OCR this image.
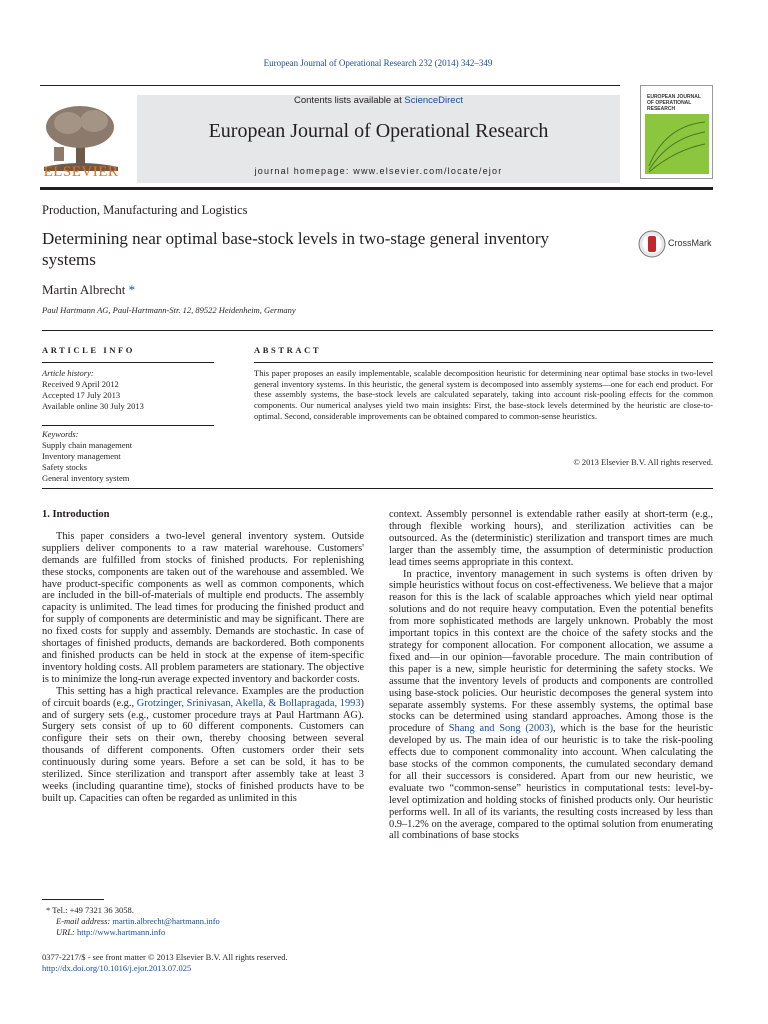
European Journal of Operational Research 232 (2014) 342–349
Contents lists available at ScienceDirect
European Journal of Operational Research
journal homepage: www.elsevier.com/locate/ejor
ELSEVIER
EUROPEAN JOURNAL OF OPERATIONAL RESEARCH
Production, Manufacturing and Logistics
Determining near optimal base-stock levels in two-stage general inventory systems
CrossMark
Martin Albrecht *
Paul Hartmann AG, Paul-Hartmann-Str. 12, 89522 Heidenheim, Germany
ARTICLE INFO
Article history:
Received 9 April 2012
Accepted 17 July 2013
Available online 30 July 2013
Keywords:
Supply chain management
Inventory management
Safety stocks
General inventory system
ABSTRACT
This paper proposes an easily implementable, scalable decomposition heuristic for determining near optimal base stocks in two-level general inventory systems. In this heuristic, the general system is decomposed into assembly systems—one for each end product. For these assembly systems, the base-stock levels are calculated separately, taking into account risk-pooling effects for the common components. Our numerical analyses yield two main insights: First, the base-stock levels determined by the heuristic are close-to-optimal. Second, considerable improvements can be obtained compared to common-sense heuristics.
© 2013 Elsevier B.V. All rights reserved.
1. Introduction

This paper considers a two-level general inventory system. Outside suppliers deliver components to a raw material warehouse. Customers' demands are fulfilled from stocks of finished products. For replenishing these stocks, components are taken out of the warehouse and assembled. We have product-specific components as well as common components, which are included in the bill-of-materials of multiple end products. The assembly capacity is unlimited. The lead times for producing the finished product and for supply of components are deterministic and may be significant. There are no fixed costs for supply and assembly. Demands are stochastic. In case of shortages of finished products, demands are backordered. Both components and finished products can be held in stock at the expense of item-specific inventory holding costs. All problem parameters are stationary. The objective is to minimize the long-run average expected inventory and backorder costs.

This setting has a high practical relevance. Examples are the production of circuit boards (e.g., Grotzinger, Srinivasan, Akella, & Bollapragada, 1993) and of surgery sets (e.g., customer procedure trays at Paul Hartmann AG). Surgery sets consist of up to 60 different components. Customers can configure their sets on their own, thereby choosing between several thousands of different components. Often customers order their sets continuously during some years. Before a set can be sold, it has to be sterilized. Since sterilization and transport after assembly take at least 3 weeks (including quarantine time), stocks of finished products have to be built up. Capacities can often be regarded as unlimited in this

context. Assembly personnel is extendable rather easily at short-term (e.g., through flexible working hours), and sterilization activities can be outsourced. As the (deterministic) sterilization and transport times are much larger than the assembly time, the assumption of deterministic production lead times seems appropriate in this context.

In practice, inventory management in such systems is often driven by simple heuristics without focus on cost-effectiveness. We believe that a major reason for this is the lack of scalable approaches which yield near optimal solutions and do not require heavy computation. Even the potential benefits from more sophisticated methods are largely unknown. Probably the most important topics in this context are the choice of the safety stocks and the strategy for component allocation. For component allocation, we assume a fixed and—in our opinion—favorable procedure. The main contribution of this paper is a new, simple heuristic for determining the safety stocks. We assume that the inventory levels of products and components are controlled using base-stock policies. Our heuristic decomposes the general system into separate assembly systems. For these assembly systems, the optimal base stocks can be determined using standard approaches. Among those is the procedure of Shang and Song (2003), which is the base for the heuristic developed by us. The main idea of our heuristic is to take the risk-pooling effects due to component commonality into account. When calculating the base stocks of the common components, the cumulated secondary demand for all their successors is considered. Apart from our new heuristic, we evaluate two “common-sense” heuristics in computational tests: level-by-level optimization and holding stocks of finished products only. Our heuristic performs well. In all of its variants, the resulting costs increased by less than 0.9–1.2% on the average, compared to the optimal solution from enumerating all combinations of base stocks

* Tel.: +49 7321 36 3058.
E-mail address: martin.albrecht@hartmann.info
URL: http://www.hartmann.info
0377-2217/$ - see front matter © 2013 Elsevier B.V. All rights reserved.
http://dx.doi.org/10.1016/j.ejor.2013.07.025
